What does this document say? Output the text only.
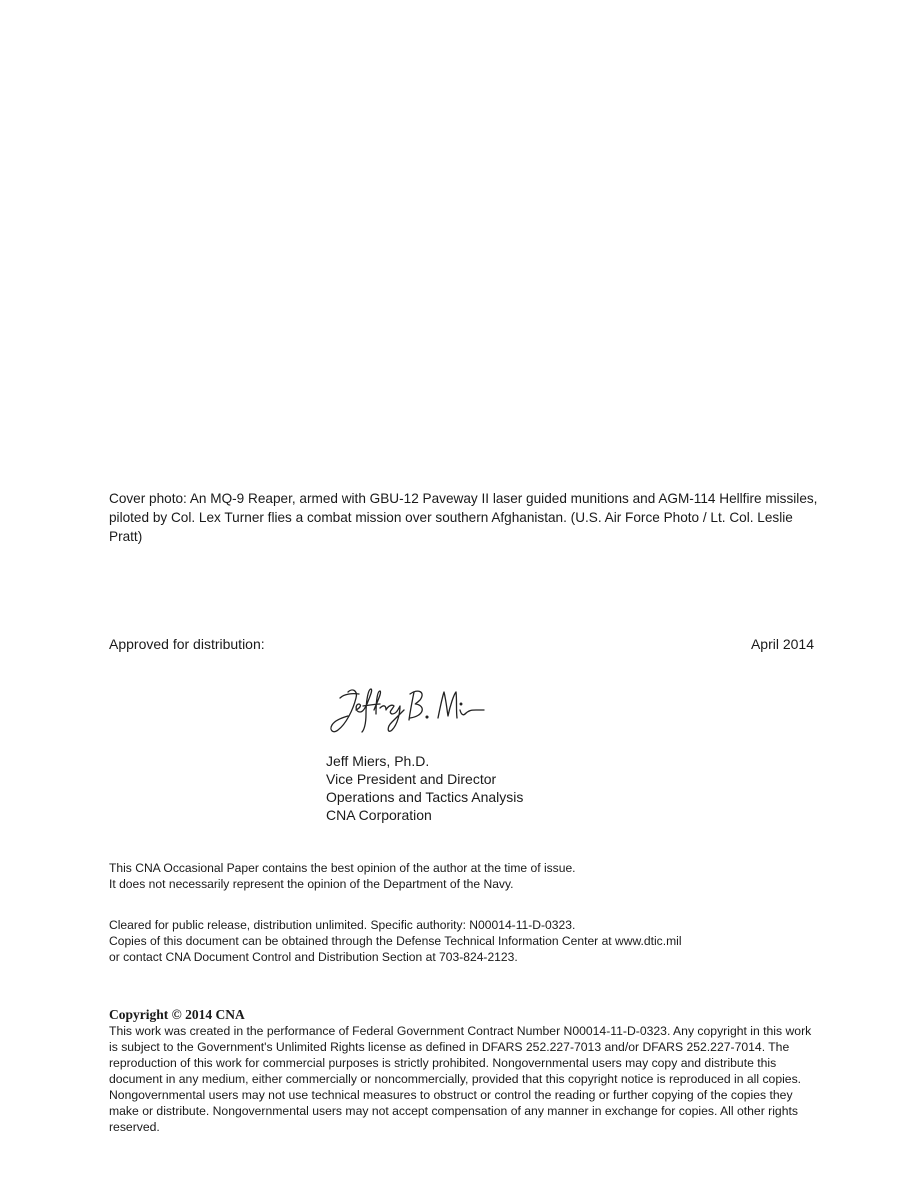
Cover photo: An MQ-9 Reaper, armed with GBU-12 Paveway II laser guided munitions and AGM-114 Hellfire missiles, piloted by Col. Lex Turner flies a combat mission over southern Afghanistan. (U.S. Air Force Photo / Lt. Col. Leslie Pratt)

Approved for distribution:	April 2014
Jeff Miers, Ph.D.
Vice President and Director
Operations and Tactics Analysis
CNA Corporation
This CNA Occasional Paper contains the best opinion of the author at the time of issue.
It does not necessarily represent the opinion of the Department of the Navy.
Cleared for public release, distribution unlimited. Specific authority: N00014-11-D-0323.
Copies of this document can be obtained through the Defense Technical Information Center at www.dtic.mil
or contact CNA Document Control and Distribution Section at 703-824-2123.
Copyright © 2014 CNA

This work was created in the performance of Federal Government Contract Number N00014-11-D-0323. Any copyright in this work is subject to the Government's Unlimited Rights license as defined in DFARS 252.227-7013 and/or DFARS 252.227-7014. The reproduction of this work for commercial purposes is strictly prohibited. Nongovernmental users may copy and distribute this document in any medium, either commercially or noncommercially, provided that this copyright notice is reproduced in all copies. Nongovernmental users may not use technical measures to obstruct or control the reading or further copying of the copies they make or distribute. Nongovernmental users may not accept compensation of any manner in exchange for copies. All other rights reserved.
